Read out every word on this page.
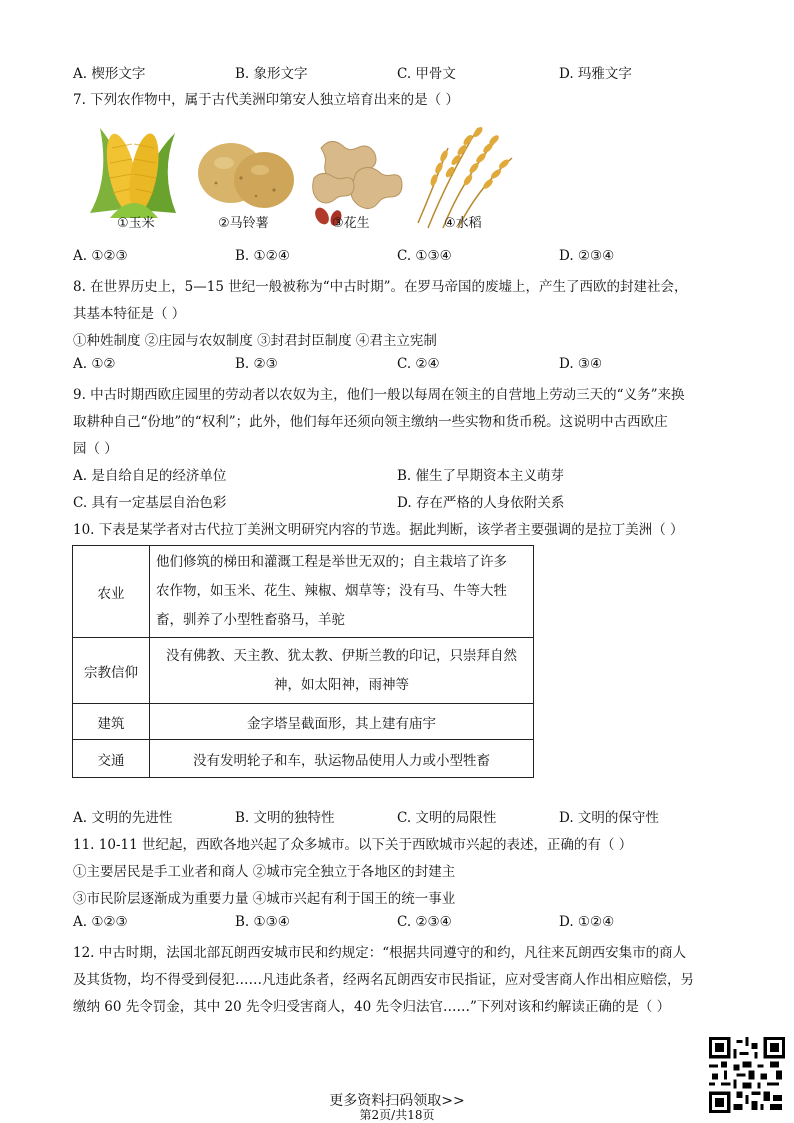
A. 楔形文字	B. 象形文字	C. 甲骨文	D. 玛雅文字
7. 下列农作物中，属于古代美洲印第安人独立培育出来的是（ ）
①玉米	②马铃薯	③花生	④水稻
A. ①②③	B. ①②④	C. ①③④	D. ②③④
8. 在世界历史上，5—15 世纪一般被称为“中古时期”。在罗马帝国的废墟上，产生了西欧的封建社会，
其基本特征是（ ）
①种姓制度 ②庄园与农奴制度 ③封君封臣制度 ④君主立宪制
A. ①②	B. ②③	C. ②④	D. ③④
9. 中古时期西欧庄园里的劳动者以农奴为主，他们一般以每周在领主的自营地上劳动三天的“义务”来换
取耕种自己“份地”的“权利”；此外，他们每年还须向领主缴纳一些实物和货币税。这说明中古西欧庄
园（ ）
A. 是自给自足的经济单位	B. 催生了早期资本主义萌芽
C. 具有一定基层自治色彩	D. 存在严格的人身依附关系
10. 下表是某学者对古代拉丁美洲文明研究内容的节选。据此判断，该学者主要强调的是拉丁美洲（ ）
农业	他们修筑的梯田和灌溉工程是举世无双的；自主栽培了许多
农作物，如玉米、花生、辣椒、烟草等；没有马、牛等大牲
畜，驯养了小型牲畜骆马，羊驼

宗教信仰	没有佛教、天主教、犹太教、伊斯兰教的印记，只崇拜自然
神，如太阳神，雨神等

建筑	金字塔呈截面形，其上建有庙宇
交通	没有发明轮子和车，驮运物品使用人力或小型牲畜
A. 文明的先进性	B. 文明的独特性	C. 文明的局限性	D. 文明的保守性
11. 10-11 世纪起，西欧各地兴起了众多城市。以下关于西欧城市兴起的表述，正确的有（ ）
①主要居民是手工业者和商人 ②城市完全独立于各地区的封建主
③市民阶层逐渐成为重要力量 ④城市兴起有利于国王的统一事业
A. ①②③	B. ①③④	C. ②③④	D. ①②④
12. 中古时期，法国北部瓦朗西安城市民和约规定：“根据共同遵守的和约，凡往来瓦朗西安集市的商人
及其货物，均不得受到侵犯……凡违此条者，经两名瓦朗西安市民指证，应对受害商人作出相应赔偿，另
缴纳 60 先令罚金，其中 20 先令归受害商人，40 先令归法官……”下列对该和约解读正确的是（ ）
更多资料扫码领取>>
第2页/共18页
